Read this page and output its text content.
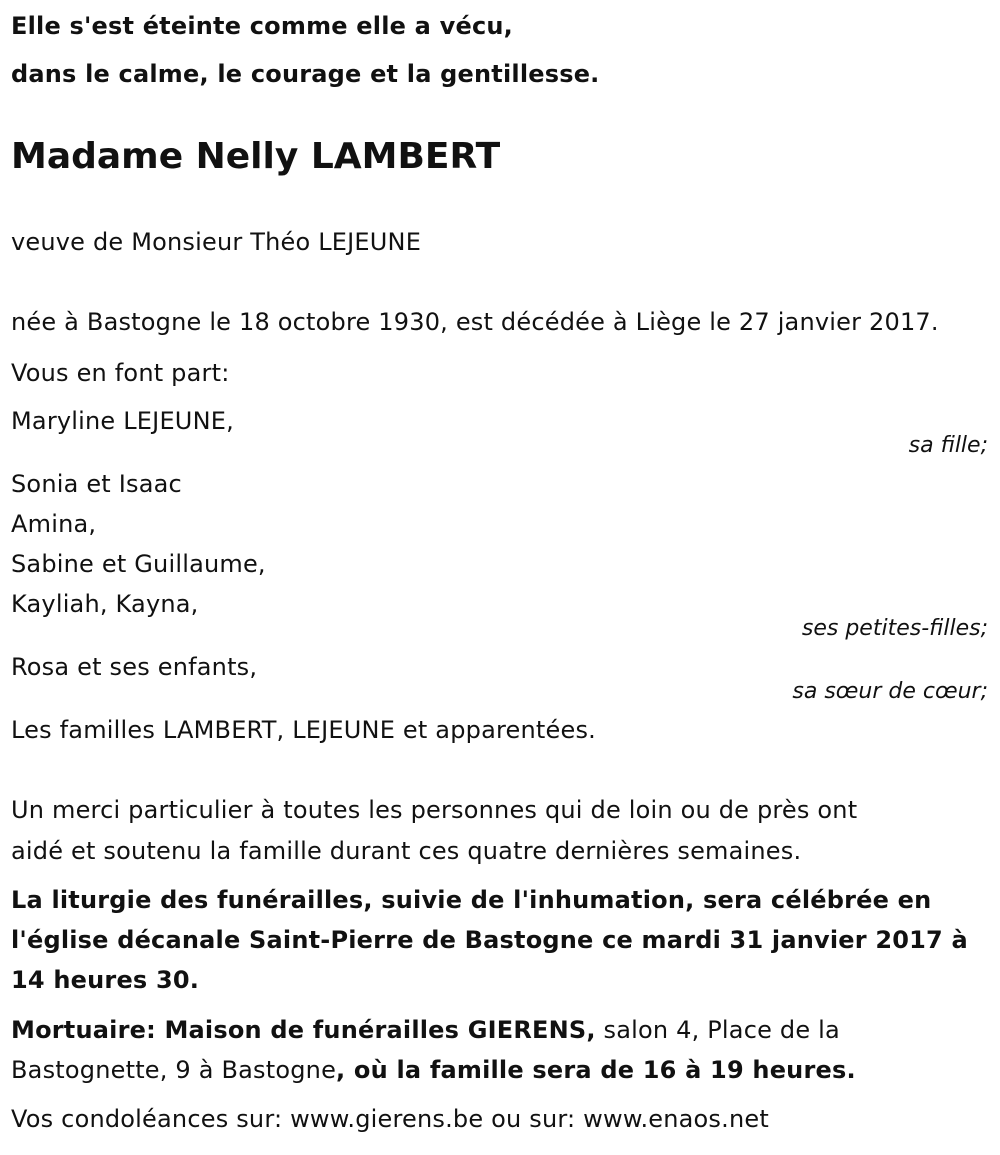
Elle s'est éteinte comme elle a vécu,
dans le calme, le courage et la gentillesse.
Madame Nelly LAMBERT
veuve de Monsieur Théo LEJEUNE
née à Bastogne le 18 octobre 1930, est décédée à Liège le 27 janvier 2017.
Vous en font part:
Maryline LEJEUNE,
sa fille;
Sonia et Isaac
Amina,
Sabine et Guillaume,
Kayliah, Kayna,
ses petites-filles;
Rosa et ses enfants,
sa sœur de cœur;
Les familles LAMBERT, LEJEUNE et apparentées.
Un merci particulier à toutes les personnes qui de loin ou de près ont
aidé et soutenu la famille durant ces quatre dernières semaines.
La liturgie des funérailles, suivie de l'inhumation, sera célébrée en
l'église décanale Saint-Pierre de Bastogne ce mardi 31 janvier 2017 à
14 heures 30.
Mortuaire: Maison de funérailles GIERENS, salon 4, Place de la
Bastognette, 9 à Bastogne, où la famille sera de 16 à 19 heures.
Vos condoléances sur: www.gierens.be ou sur: www.enaos.net
